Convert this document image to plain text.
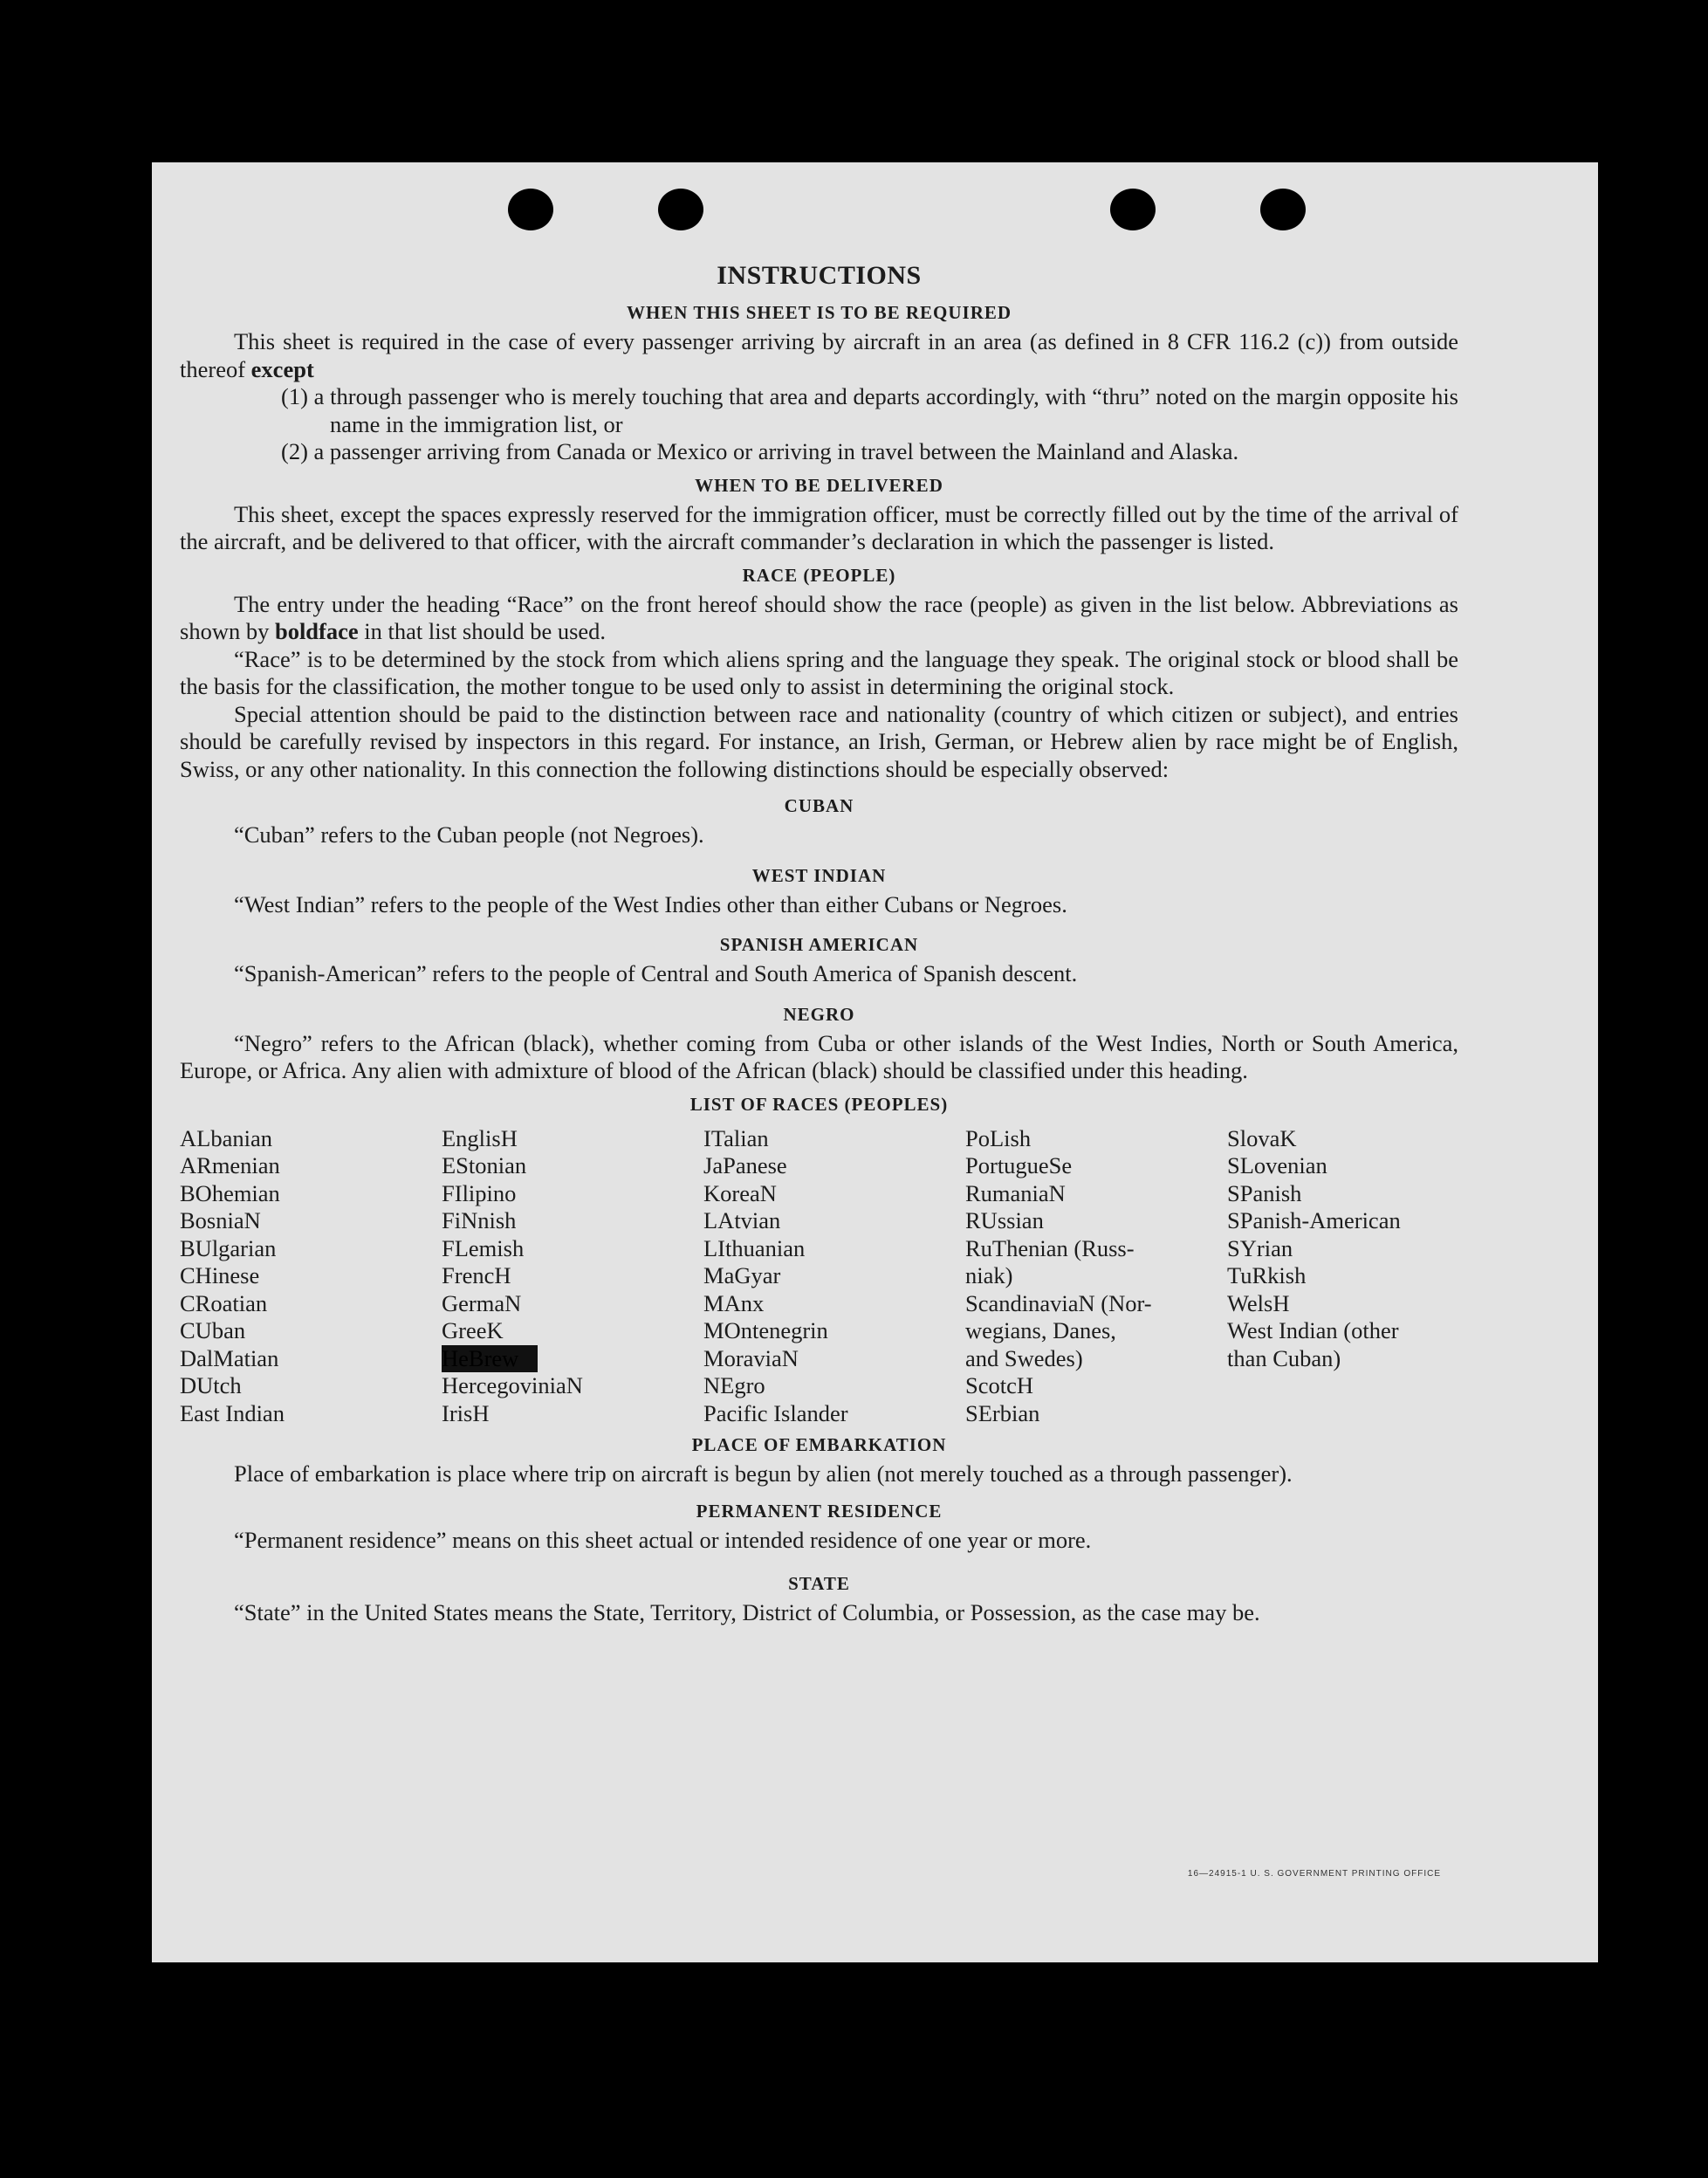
INSTRUCTIONS
WHEN THIS SHEET IS TO BE REQUIRED

This sheet is required in the case of every passenger arriving by aircraft in an area (as defined in 8 CFR 116.2 (c)) from outside thereof except

(1) a through passenger who is merely touching that area and departs accordingly, with “thru” noted on the margin opposite his name in the immigration list, or
(2) a passenger arriving from Canada or Mexico or arriving in travel between the Mainland and Alaska.
WHEN TO BE DELIVERED

This sheet, except the spaces expressly reserved for the immigration officer, must be correctly filled out by the time of the arrival of the aircraft, and be delivered to that officer, with the aircraft commander’s declaration in which the passenger is listed.

RACE (PEOPLE)

The entry under the heading “Race” on the front hereof should show the race (people) as given in the list below. Abbreviations as shown by boldface in that list should be used.

“Race” is to be determined by the stock from which aliens spring and the language they speak. The original stock or blood shall be the basis for the classification, the mother tongue to be used only to assist in determining the original stock.

Special attention should be paid to the distinction between race and nationality (country of which citizen or subject), and entries should be carefully revised by inspectors in this regard. For instance, an Irish, German, or Hebrew alien by race might be of English, Swiss, or any other nationality. In this connection the following distinctions should be especially observed:

CUBAN

“Cuban” refers to the Cuban people (not Negroes).

WEST INDIAN

“West Indian” refers to the people of the West Indies other than either Cubans or Negroes.

SPANISH AMERICAN

“Spanish-American” refers to the people of Central and South America of Spanish descent.

NEGRO

“Negro” refers to the African (black), whether coming from Cuba or other islands of the West Indies, North or South America, Europe, or Africa. Any alien with admixture of blood of the African (black) should be classified under this heading.

LIST OF RACES (PEOPLES)
ALbanian
ARmenian
BOhemian
BosniaN
BUlgarian
CHinese
CRoatian
CUban
DalMatian
DUtch
East Indian
EnglisH
EStonian
FIlipino
FiNnish
FLemish
FrencH
GermaN
GreeK
HeBrew
HercegoviniaN
IrisH
ITalian
JaPanese
KoreaN
LAtvian
LIthuanian
MaGyar
MAnx
MOntenegrin
MoraviaN
NEgro
Pacific Islander
PoLish
PortugueSe
RumaniaN
RUssian
RuThenian (Russ-
niak)
ScandinaviaN (Nor-
wegians, Danes,
and Swedes)
ScotcH
SErbian
SlovaK
SLovenian
SPanish
SPanish-American
SYrian
TuRkish
WelsH
West Indian (other
than Cuban)
PLACE OF EMBARKATION

Place of embarkation is place where trip on aircraft is begun by alien (not merely touched as a through passenger).

PERMANENT RESIDENCE

“Permanent residence” means on this sheet actual or intended residence of one year or more.

STATE

“State” in the United States means the State, Territory, District of Columbia, or Possession, as the case may be.

16—24915-1 U. S. GOVERNMENT PRINTING OFFICE
